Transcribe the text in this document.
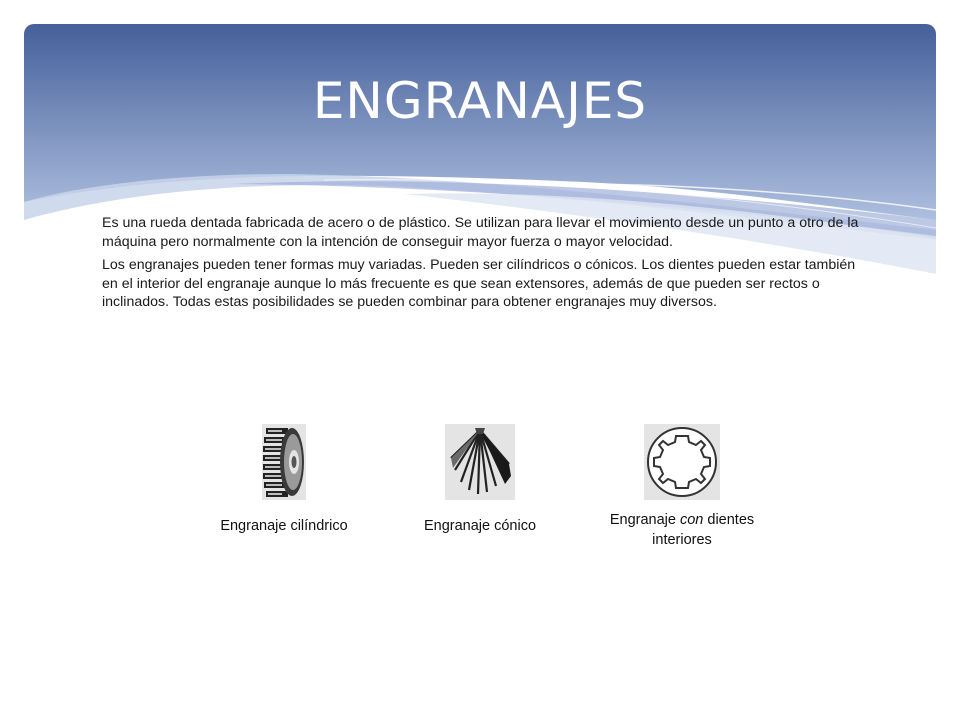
ENGRANAJES

Es una rueda dentada fabricada de acero o de plástico. Se utilizan para llevar el movimiento desde un punto a otro de la máquina pero normalmente con la intención de conseguir mayor fuerza o mayor velocidad.

Los engranajes pueden tener formas muy variadas. Pueden ser cilíndricos o cónicos. Los dientes pueden estar también en el interior del engranaje aunque lo más frecuente es que sean extensores, además de que pueden ser rectos o inclinados. Todas estas posibilidades se pueden combinar para obtener engranajes muy diversos.

Engranaje cilíndrico	Engranaje cónico	Engranaje con dientes
interiores
